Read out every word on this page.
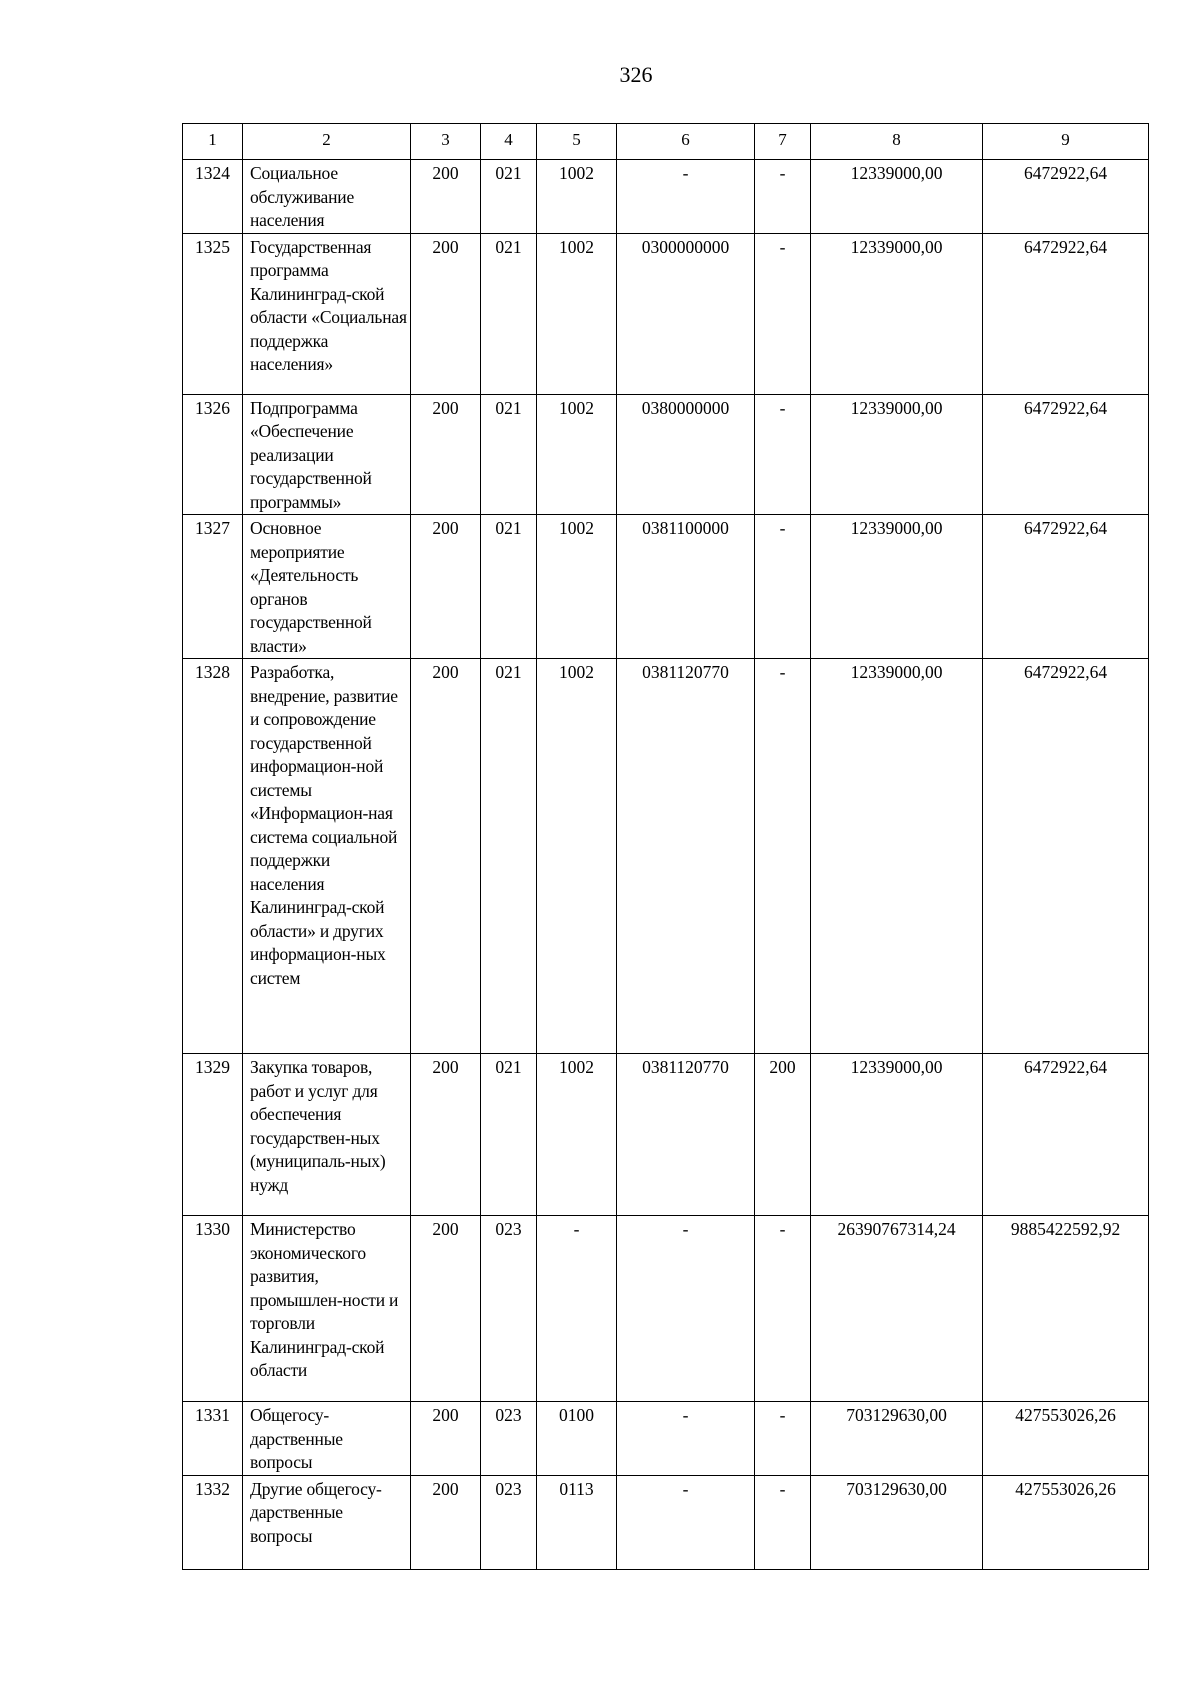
326
1	2	3	4	5	6	7	8	9
1324	Социальное обслуживание населения	200	021	1002	-	-	12339000,00	6472922,64
1325	Государственная программа Калининград-ской области «Социальная поддержка населения»	200	021	1002	0300000000	-	12339000,00	6472922,64
1326	Подпрограмма «Обеспечение реализации государственной программы»	200	021	1002	0380000000	-	12339000,00	6472922,64
1327	Основное мероприятие «Деятельность органов государственной власти»	200	021	1002	0381100000	-	12339000,00	6472922,64
1328	Разработка, внедрение, развитие и сопровождение государственной информацион-ной системы «Информацион-ная система социальной поддержки населения Калининград-ской области» и других информацион-ных систем	200	021	1002	0381120770	-	12339000,00	6472922,64
1329	Закупка товаров, работ и услуг для обеспечения государствен-ных (муниципаль-ных) нужд	200	021	1002	0381120770	200	12339000,00	6472922,64
1330	Министерство экономического развития, промышлен-ности и торговли Калининград-ской области	200	023	-	-	-	26390767314,24	9885422592,92
1331	Общегосу-дарственные вопросы	200	023	0100	-	-	703129630,00	427553026,26
1332	Другие общегосу-дарственные вопросы	200	023	0113	-	-	703129630,00	427553026,26
